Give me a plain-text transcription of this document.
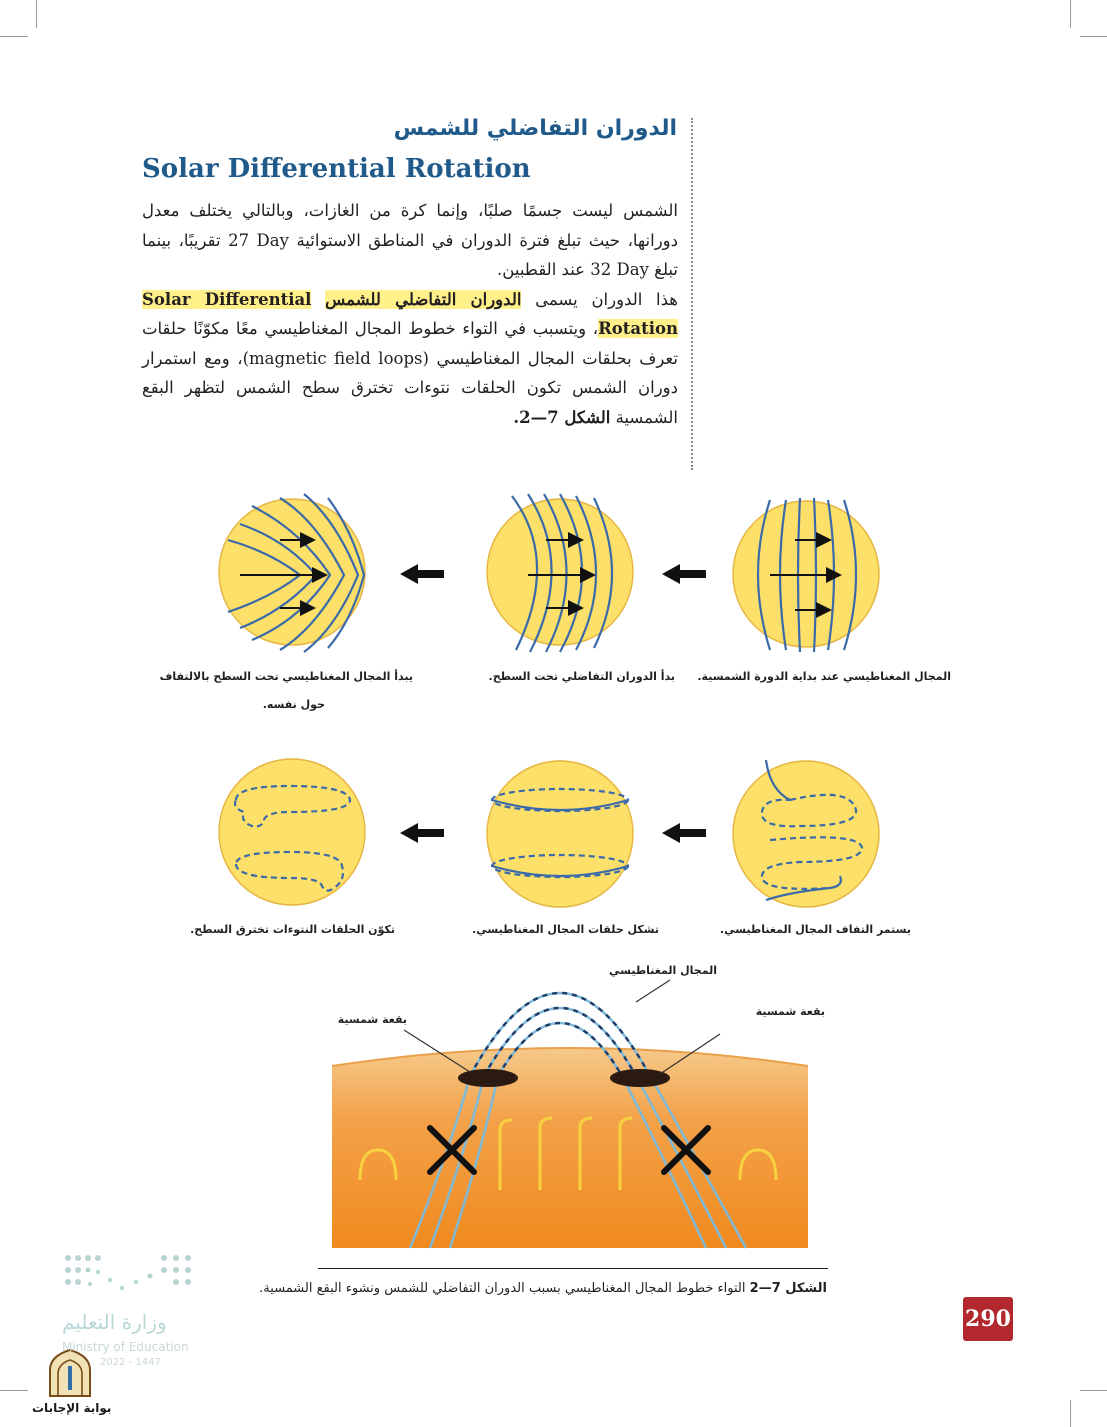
الدوران التفاضلي للشمس
Solar Differential Rotation

الشمس ليست جسمًا صلبًا، وإنما كرة من الغازات، وبالتالي يختلف معدل دورانها، حيث تبلغ فترة الدوران في المناطق الاستوائية 27 Day تقريبًا، بينما تبلغ 32 Day عند القطبين.

هذا الدوران يسمى الدوران التفاضلي للشمس Solar Differential Rotation، ويتسبب في التواء خطوط المجال المغناطيسي معًا مكوّنًا حلقات تعرف بحلقات المجال المغناطيسي (magnetic field loops)، ومع استمرار دوران الشمس تكون الحلقات نتوءات تخترق سطح الشمس لتظهر البقع الشمسية الشكل 7—2.

المجال المغناطيسي عند بداية الدورة الشمسية.
بدأ الدوران التفاضلي تحت السطح.
يبدأ المجال المغناطيسي تحت السطح بالالتفاف
حول نفسه.
يستمر التفاف المجال المغناطيسي.
تشكل حلقات المجال المغناطيسي.
تكوّن الحلقات النتوءات تخترق السطح.
المجال المغناطيسي
بقعة شمسية
بقعة شمسية
الشكل 7—2 التواء خطوط المجال المغناطيسي بسبب الدوران التفاضلي للشمس ونشوء البقع الشمسية.
290
وزارة التعليم
Ministry of Education
2022 - 1447
بوابة الإجابات
